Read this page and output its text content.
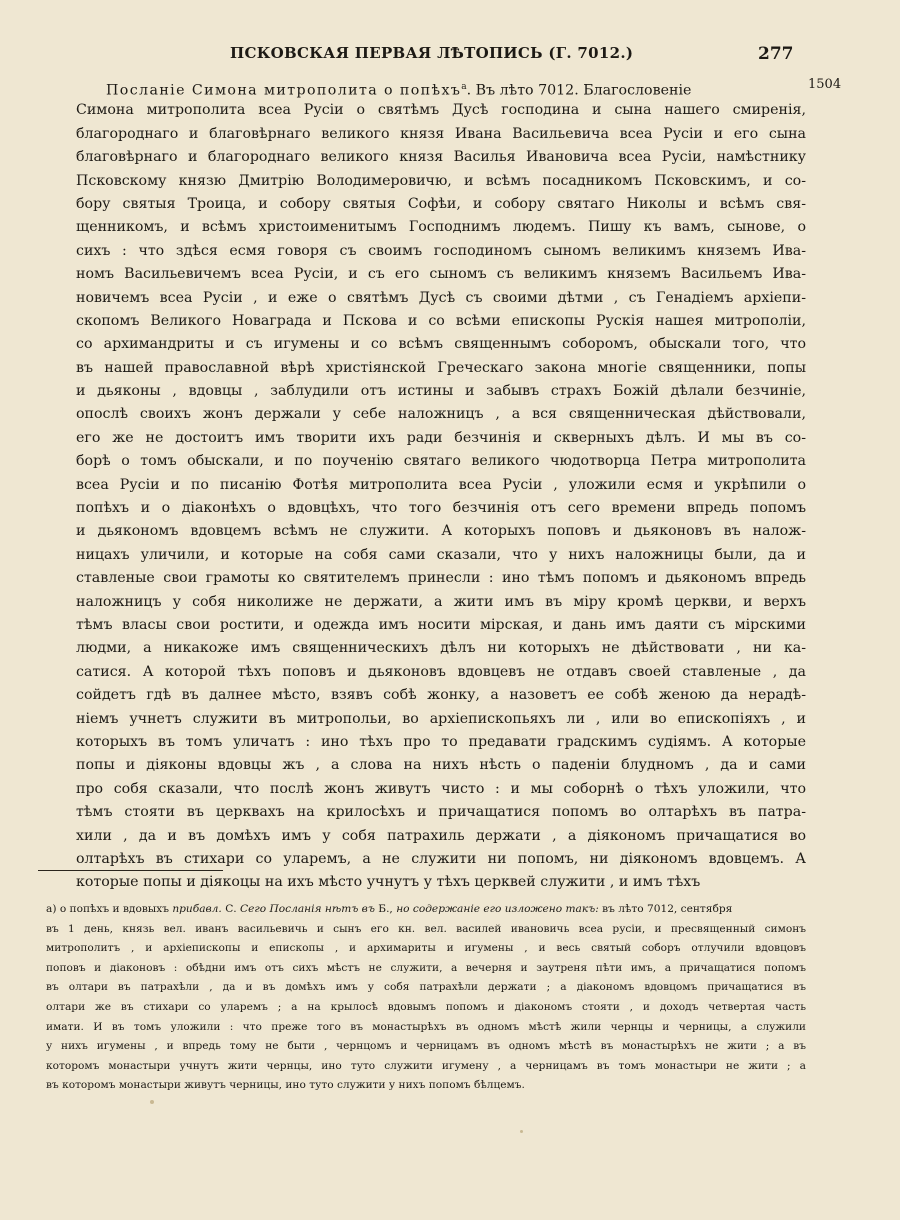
ПСКОВСКАЯ ПЕРВАЯ ЛѢТОПИСЬ (Г. 7012.)	277
1504
Посланіе Симона митрополита о попѣхъ$^а$. Въ лѣто 7012. Благословеніе
Симона митрополита всеа Русіи о святѣмъ Дусѣ господина и сына нашего смиренія,
благороднаго и благовѣрнаго великого князя Ивана Васильевича всеа Русіи и его сына
благовѣрнаго и благороднаго великого князя Василья Ивановича всеа Русіи, намѣстнику
Псковскому князю Дмитрію Володимеровичю, и всѣмъ посадникомъ Псковскимъ, и со-
бору святыя Троица, и собору святыя Софѣи, и собору святаго Николы и всѣмъ свя-
щенникомъ, и всѣмъ христоименитымъ Господнимъ людемъ. Пишу къ вамъ, сынове, о
сихъ : что здѣся есмя говоря съ своимъ господиномъ сыномъ великимъ княземъ Ива-
номъ Васильевичемъ всеа Русіи, и съ его сыномъ съ великимъ княземъ Васильемъ Ива-
новичемъ всеа Русіи , и еже о святѣмъ Дусѣ съ своими дѣтми , съ Генадіемъ архіепи-
скопомъ Великого Новаграда и Пскова и со всѣми епископы Рускія нашея митрополіи,
со архимандриты и съ игумены и со всѣмъ священнымъ соборомъ, обыскали того, что
въ нашей православной вѣрѣ христіянской Греческаго закона многіе священники, попы
и дьяконы , вдовцы , заблудили отъ истины и забывъ страхъ Божій дѣлали безчиніе,
опослѣ своихъ жонъ держали у себе наложницъ , а вся священническая дѣйствовали,
его же не достоитъ имъ творити ихъ ради безчинія и скверныхъ дѣлъ. И мы въ со-
борѣ о томъ обыскали, и по поученію святаго великого чюдотворца Петра митрополита
всеа Русіи и по писанію Фотѣя митрополита всеа Русіи , уложили есмя и укрѣпили о
попѣхъ и о діаконѣхъ о вдовцѣхъ, что того безчинія отъ сего времени впредь попомъ
и дьякономъ вдовцемъ всѣмъ не служити. А которыхъ поповъ и дьяконовъ въ налож-
ницахъ уличили, и которые на собя сами сказали, что у нихъ наложницы были, да и
ставленые свои грамоты ко святителемъ принесли : ино тѣмъ попомъ и дьякономъ впредь
наложницъ у собя николиже не держати, а жити имъ въ міру кромѣ церкви, и верхъ
тѣмъ власы свои ростити, и одежда имъ носити мірская, и дань имъ даяти съ мірскими
людми, а никакоже имъ священническихъ дѣлъ ни которыхъ не дѣйствовати , ни ка-
сатися. А которой тѣхъ поповъ и дьяконовъ вдовцевъ не отдавъ своей ставленые , да
сойдетъ гдѣ въ далнее мѣсто, взявъ собѣ жонку, а назоветъ ее собѣ женою да нерадѣ-
ніемъ учнетъ служити въ митропольи, во архіепископьяхъ ли , или во епископіяхъ , и
которыхъ въ томъ уличатъ : ино тѣхъ про то предавати градскимъ судіямъ. А которые
попы и діяконы вдовцы жъ , а слова на нихъ нѣсть о паденіи блудномъ , да и сами
про собя сказали, что послѣ жонъ живутъ чисто : и мы соборнѣ о тѣхъ уложили, что
тѣмъ стояти въ церквахъ на крилосѣхъ и причащатися попомъ во олтарѣхъ въ патра-
хили , да и въ домѣхъ имъ у собя патрахиль держати , а діякономъ причащатися во
олтарѣхъ въ стихари со уларемъ, а не служити ни попомъ, ни діякономъ вдовцемъ. А
которые попы и діякоцы на ихъ мѣсто учнутъ у тѣхъ церквей служити , и имъ тѣхъ
а) о попѣхъ и вдовыхъ прибавл. С. Сего Посланія нѣтъ въ Б., но содержаніе его изложено такъ: въ лѣто 7012, сентября
въ 1 день, князь вел. иванъ васильевичь и сынъ его кн. вел. василей ивановичь всеа русіи, и пресвященный симонъ
митрополитъ , и архіепископы и епископы , и архимариты и игумены , и весь святый соборъ отлучили вдовцовъ
поповъ и діаконовъ : обѣдни имъ отъ сихъ мѣстъ не служити, а вечерня и заутреня пѣти имъ, а причащатися попомъ
въ олтари въ патрахѣли , да и въ домѣхъ имъ у собя патрахѣли держати ; а діакономъ вдовцомъ причащатися въ
олтари же въ стихари со уларемъ ; а на крылосѣ вдовымъ попомъ и діакономъ стояти , и доходъ четвертая часть
имати. И въ томъ уложили : что преже того въ монастырѣхъ въ одномъ мѣстѣ жили чернцы и черницы, а служили
у нихъ игумены , и впредь тому не быти , чернцомъ и черницамъ въ одномъ мѣстѣ въ монастырѣхъ не жити ; а въ
которомъ монастыри учнутъ жити чернцы, ино туто служити игумену , а черницамъ въ томъ монастыри не жити ; а
въ которомъ монастыри живутъ черницы, ино туто служити у нихъ попомъ бѣлцемъ.
